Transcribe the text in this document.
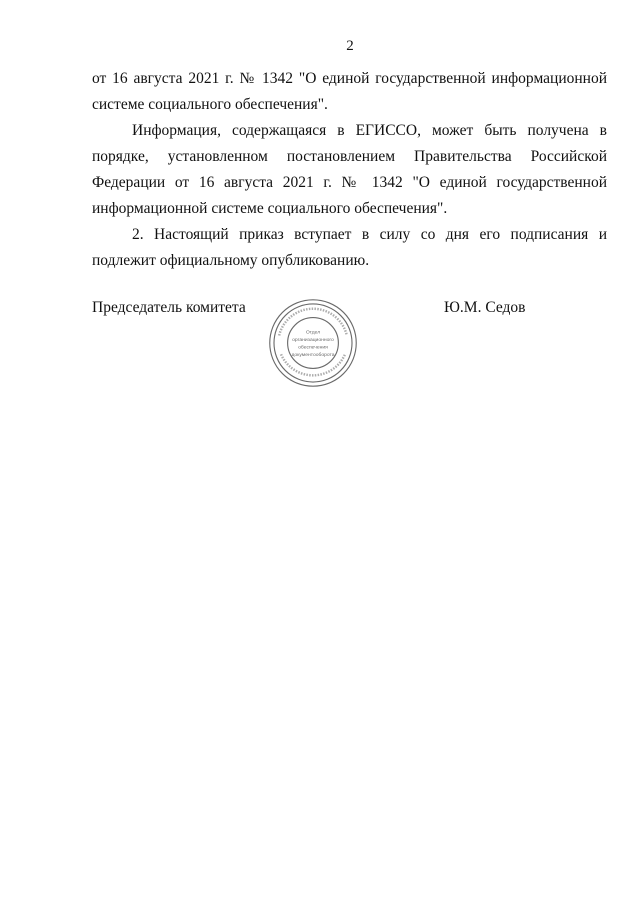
2

от 16 августа 2021 г. № 1342 "О единой государственной информационной системе социального обеспечения".

Информация, содержащаяся в ЕГИССО, может быть получена в порядке, установленном постановлением Правительства Российской Федерации от 16 августа 2021 г. № 1342 "О единой государственной информационной системе социального обеспечения".

2. Настоящий приказ вступает в силу со дня его подписания и подлежит официальному опубликованию.

Председатель комитета	Ю.М. Седов
Отдел
организационного
обеспечения
документооборота
